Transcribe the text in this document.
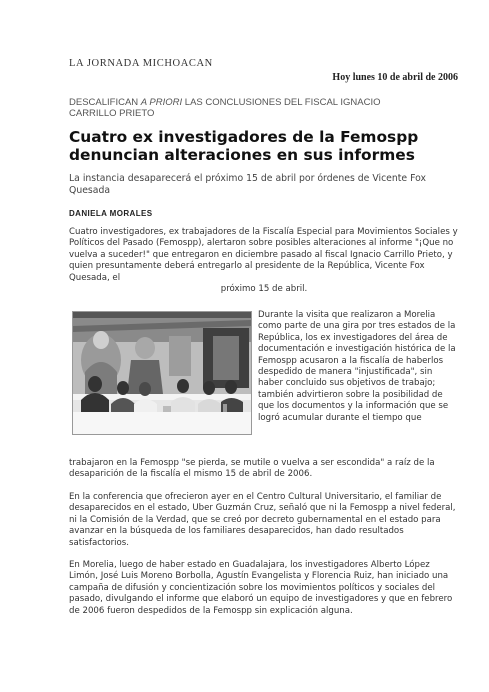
LA JORNADA MICHOACAN
Hoy lunes 10 de abril de 2006
DESCALIFICAN A PRIORI LAS CONCLUSIONES DEL FISCAL IGNACIO CARRILLO PRIETO
Cuatro ex investigadores de la Femospp denuncian alteraciones en sus informes
La instancia desaparecerá el próximo 15 de abril por órdenes de Vicente Fox Quesada
DANIELA MORALES
Cuatro investigadores, ex trabajadores de la Fiscalía Especial para Movimientos Sociales y Políticos del Pasado (Femospp), alertaron sobre posibles alteraciones al informe "¡Que no vuelva a suceder!" que entregaron en diciembre pasado al fiscal Ignacio Carrillo Prieto, y quien presuntamente deberá entregarlo al presidente de la República, Vicente Fox Quesada, el
próximo 15 de abril.
Durante la visita que realizaron a Morelia como parte de una gira por tres estados de la República, los ex investigadores del área de documentación e investigación histórica de la Femospp acusaron a la fiscalía de haberlos despedido de manera "injustificada", sin haber concluido sus objetivos de trabajo; también advirtieron sobre la posibilidad de que los documentos y la información que se logró acumular durante el tiempo que
trabajaron en la Femospp "se pierda, se mutile o vuelva a ser escondida" a raíz de la desaparición de la fiscalía el mismo 15 de abril de 2006.
En la conferencia que ofrecieron ayer en el Centro Cultural Universitario, el familiar de desaparecidos en el estado, Uber Guzmán Cruz, señaló que ni la Femospp a nivel federal, ni la Comisión de la Verdad, que se creó por decreto gubernamental en el estado para avanzar en la búsqueda de los familiares desaparecidos, han dado resultados satisfactorios.
En Morelia, luego de haber estado en Guadalajara, los investigadores Alberto López Limón, José Luis Moreno Borbolla, Agustín Evangelista y Florencia Ruiz, han iniciado una campaña de difusión y concientización sobre los movimientos políticos y sociales del pasado, divulgando el informe que elaboró un equipo de investigadores y que en febrero de 2006 fueron despedidos de la Femospp sin explicación alguna.
